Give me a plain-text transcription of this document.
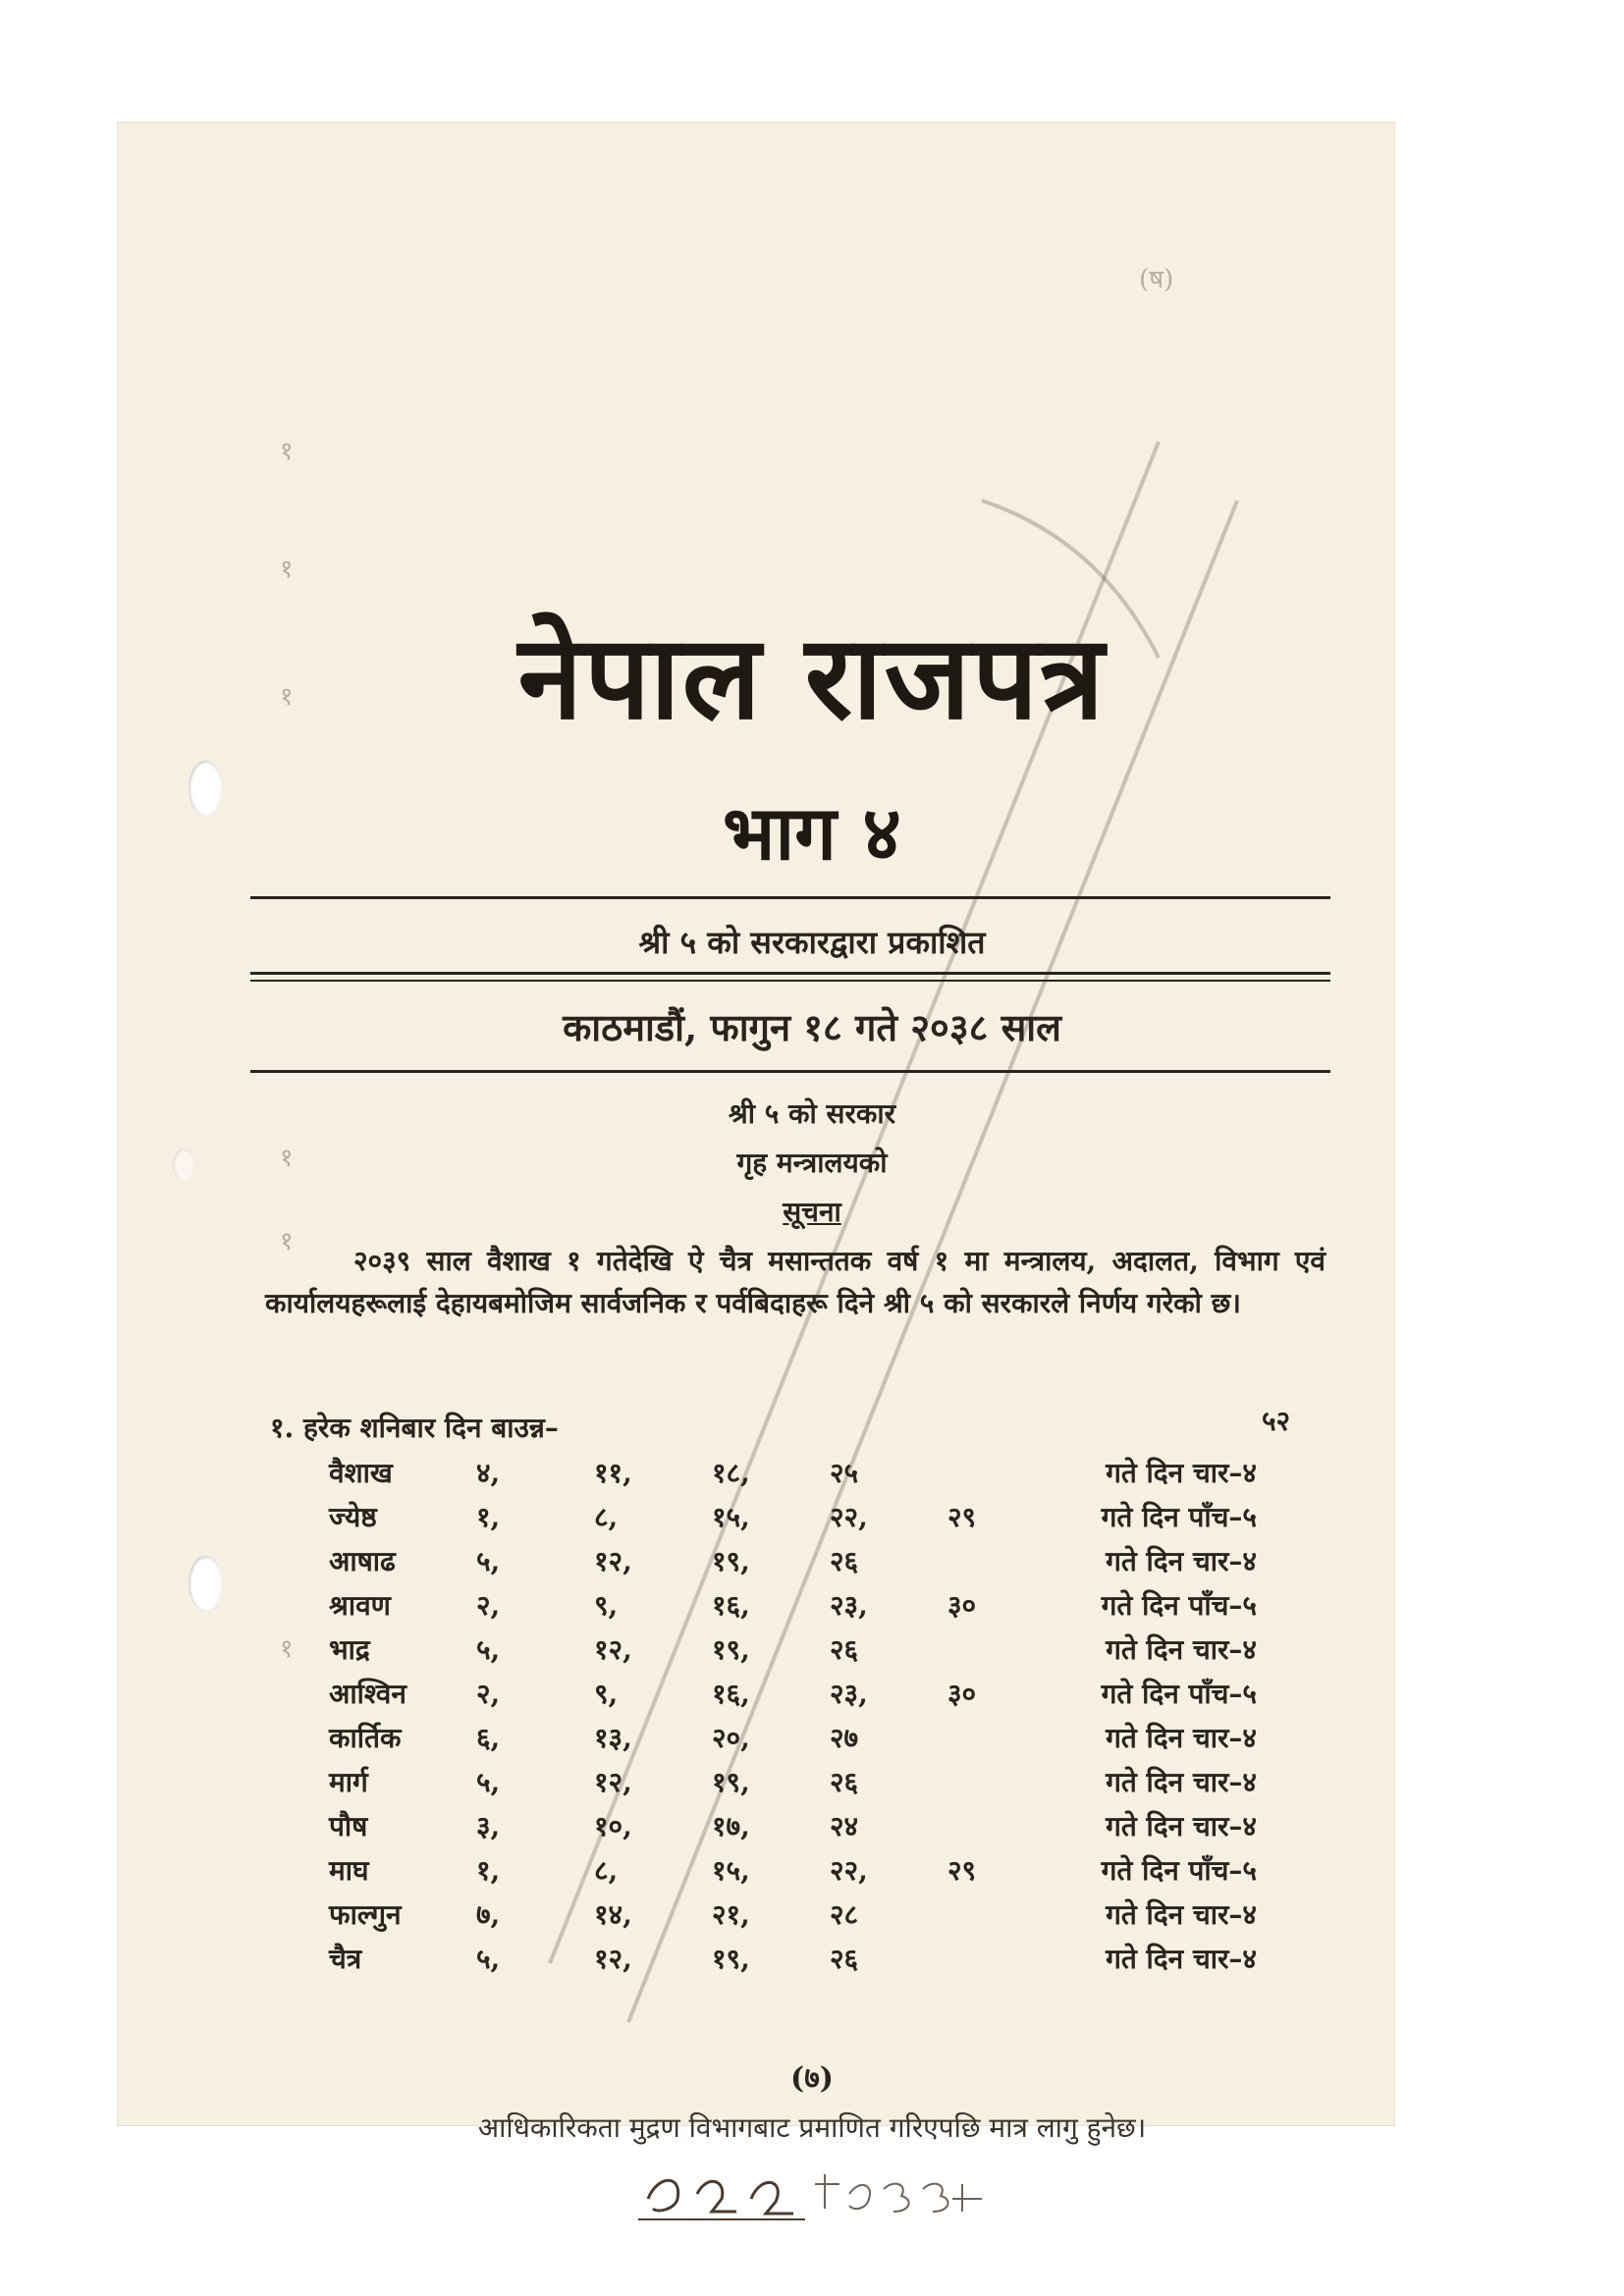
(ष)
१
१
१
१
१
१
नेपाल राजपत्र
भाग ४
श्री ५ को सरकारद्वारा प्रकाशित
काठमाडौं, फागुन १८ गते २०३८ साल
श्री ५ को सरकार
गृह मन्त्रालयको
सूचना

२०३९ साल वैशाख १ गतेदेखि ऐ चैत्र मसान्ततक वर्ष १ मा मन्त्रालय, अदालत, विभाग एवं कार्यालयहरूलाई देहायबमोजिम सार्वजनिक र पर्वबिदाहरू दिने श्री ५ को सरकारले निर्णय गरेको छ।

१. हरेक शनिबार दिन बाउन्न–	५२
वैशाख	४,	११,	१८,	२५		गते दिन चार–४
ज्येष्ठ	१,	८,	१५,	२२,	२९	गते दिन पाँच–५
आषाढ	५,	१२,	१९,	२६		गते दिन चार–४
श्रावण	२,	९,	१६,	२३,	३०	गते दिन पाँच–५
भाद्र	५,	१२,	१९,	२६		गते दिन चार–४
आश्विन	२,	९,	१६,	२३,	३०	गते दिन पाँच–५
कार्तिक	६,	१३,	२०,	२७		गते दिन चार–४
मार्ग	५,	१२,	१९,	२६		गते दिन चार–४
पौष	३,	१०,	१७,	२४		गते दिन चार–४
माघ	१,	८,	१५,	२२,	२९	गते दिन पाँच–५
फाल्गुन	७,	१४,	२१,	२८		गते दिन चार–४
चैत्र	५,	१२,	१९,	२६		गते दिन चार–४
(७)
आधिकारिकता मुद्रण विभागबाट प्रमाणित गरिएपछि मात्र लागु हुनेछ।
